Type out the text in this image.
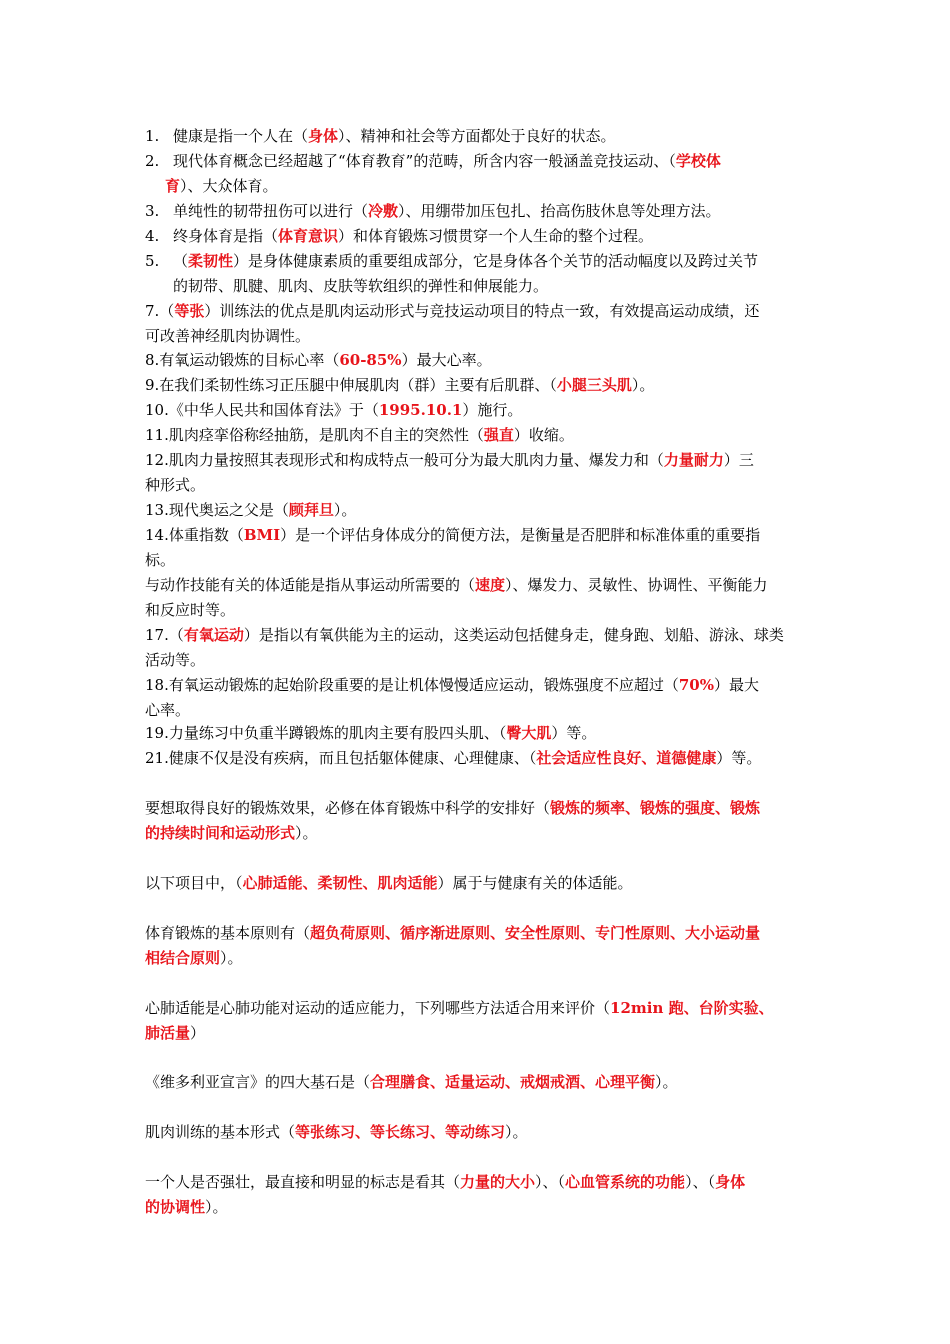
1. 健康是指一个人在（身体）、精神和社会等方面都处于良好的状态。
2. 现代体育概念已经超越了“体育教育”的范畴，所含内容一般涵盖竞技运动、（学校体
育）、大众体育。
3. 单纯性的韧带扭伤可以进行（冷敷）、用绷带加压包扎、抬高伤肢休息等处理方法。
4. 终身体育是指（体育意识）和体育锻炼习惯贯穿一个人生命的整个过程。
5. （柔韧性）是身体健康素质的重要组成部分，它是身体各个关节的活动幅度以及跨过关节
的韧带、肌腱、肌肉、皮肤等软组织的弹性和伸展能力。
7.（等张）训练法的优点是肌肉运动形式与竞技运动项目的特点一致，有效提高运动成绩，还
可改善神经肌肉协调性。
8.有氧运动锻炼的目标心率（60-85%）最大心率。
9.在我们柔韧性练习正压腿中伸展肌肉（群）主要有后肌群、（小腿三头肌）。
10.《中华人民共和国体育法》于（1995.10.1）施行。
11.肌肉痉挛俗称经抽筋，是肌肉不自主的突然性（强直）收缩。
12.肌肉力量按照其表现形式和构成特点一般可分为最大肌肉力量、爆发力和（力量耐力）三
种形式。
13.现代奥运之父是（顾拜旦）。
14.体重指数（BMI）是一个评估身体成分的简便方法，是衡量是否肥胖和标准体重的重要指
标。
与动作技能有关的体适能是指从事运动所需要的（速度）、爆发力、灵敏性、协调性、平衡能力
和反应时等。
17.（有氧运动）是指以有氧供能为主的运动，这类运动包括健身走，健身跑、划船、游泳、球类
活动等。
18.有氧运动锻炼的起始阶段重要的是让机体慢慢适应运动，锻炼强度不应超过（70%）最大
心率。
19.力量练习中负重半蹲锻炼的肌肉主要有股四头肌、（臀大肌）等。
21.健康不仅是没有疾病，而且包括躯体健康、心理健康、（社会适应性良好、道德健康）等。
要想取得良好的锻炼效果，必修在体育锻炼中科学的安排好（锻炼的频率、锻炼的强度、锻炼
的持续时间和运动形式）。
以下项目中，（心肺适能、柔韧性、肌肉适能）属于与健康有关的体适能。
体育锻炼的基本原则有（超负荷原则、循序渐进原则、安全性原则、专门性原则、大小运动量
相结合原则）。
心肺适能是心肺功能对运动的适应能力，下列哪些方法适合用来评价（12min 跑、台阶实验、
肺活量）
《维多利亚宣言》的四大基石是（合理膳食、适量运动、戒烟戒酒、心理平衡）。
肌肉训练的基本形式（等张练习、等长练习、等动练习）。
一个人是否强壮，最直接和明显的标志是看其（力量的大小）、（心血管系统的功能）、（身体
的协调性）。
